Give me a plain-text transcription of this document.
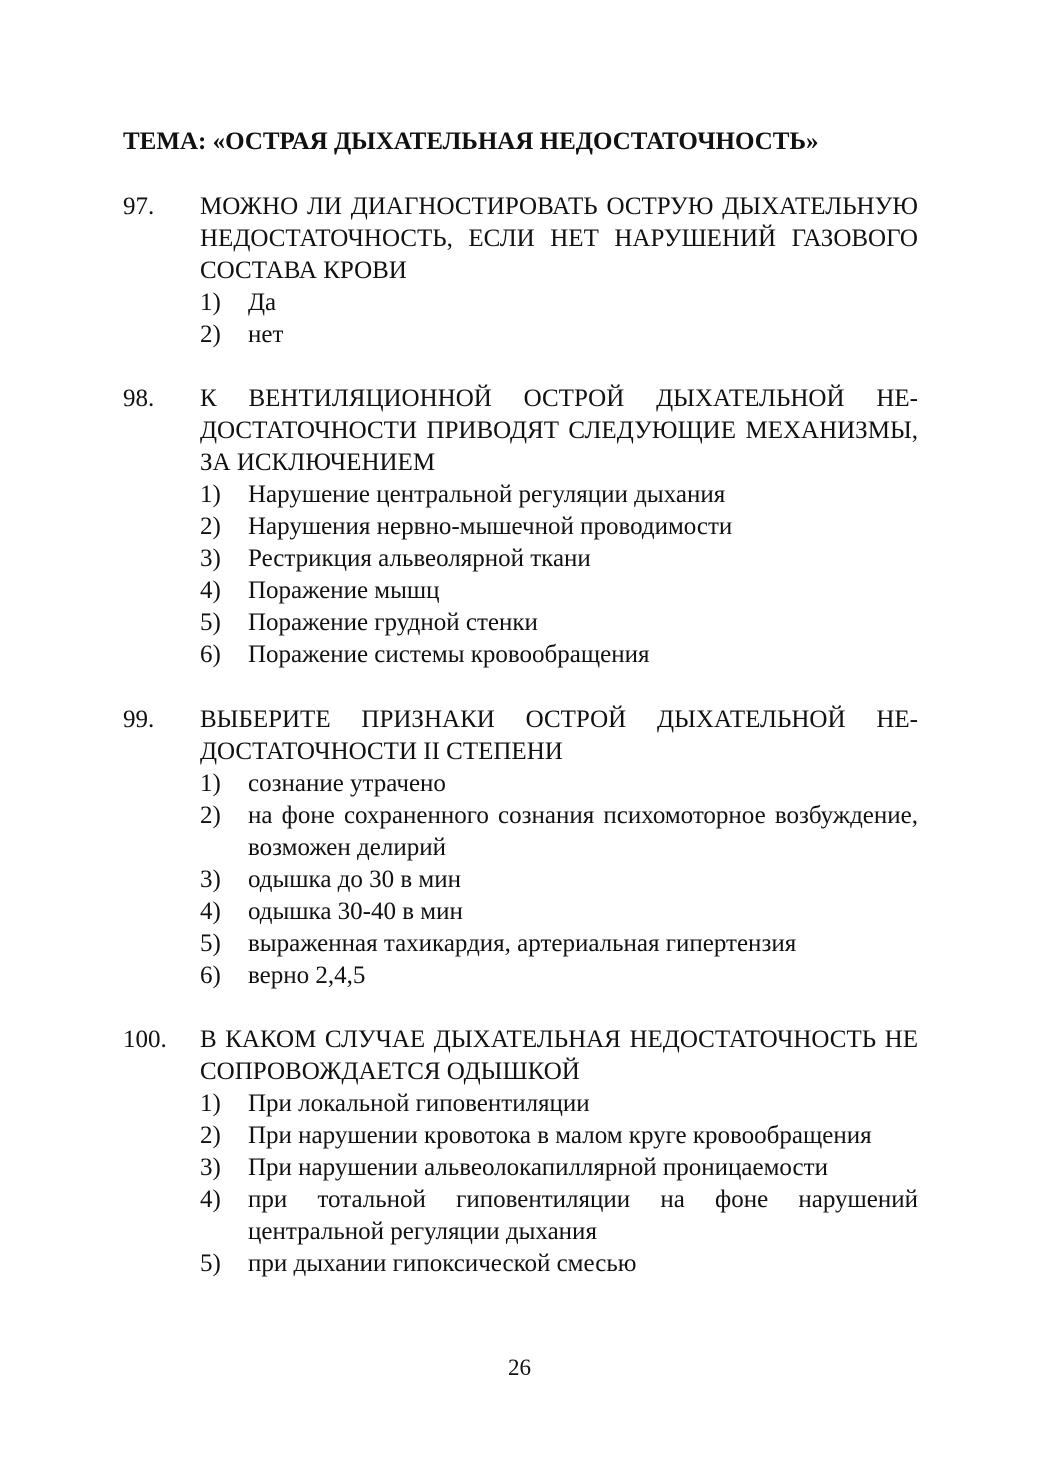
ТЕМА: «ОСТРАЯ ДЫХАТЕЛЬНАЯ НЕДОСТАТОЧНОСТЬ»
97. МОЖНО ЛИ ДИАГНОСТИРОВАТЬ ОСТРУЮ ДЫХАТЕЛЬНУЮ НЕДОСТАТОЧНОСТЬ, ЕСЛИ НЕТ НАРУШЕНИЙ ГАЗОВОГО СОСТАВА КРОВИ
1) Да
2) нет
98. К ВЕНТИЛЯЦИОННОЙ ОСТРОЙ ДЫХАТЕЛЬНОЙ НЕДОСТАТОЧНОСТИ ПРИВОДЯТ СЛЕДУЮЩИЕ МЕХАНИЗМЫ, ЗА ИСКЛЮЧЕНИЕМ
1) Нарушение центральной регуляции дыхания
2) Нарушения нервно-мышечной проводимости
3) Рестрикция альвеолярной ткани
4) Поражение мышц
5) Поражение грудной стенки
6) Поражение системы кровообращения
99. ВЫБЕРИТЕ ПРИЗНАКИ ОСТРОЙ ДЫХАТЕЛЬНОЙ НЕДОСТАТОЧНОСТИ II СТЕПЕНИ
1) сознание утрачено
2) на фоне сохраненного сознания психомоторное возбуждение, возможен делирий
3) одышка до 30 в мин
4) одышка 30-40 в мин
5) выраженная тахикардия, артериальная гипертензия
6) верно 2,4,5
100. В КАКОМ СЛУЧАЕ ДЫХАТЕЛЬНАЯ НЕДОСТАТОЧНОСТЬ НЕ СОПРОВОЖДАЕТСЯ ОДЫШКОЙ
1) При локальной гиповентиляции
2) При нарушении кровотока в малом круге кровообращения
3) При нарушении альвеолокапиллярной проницаемости
4) при тотальной гиповентиляции на фоне нарушений центральной регуляции дыхания
5) при дыхании гипоксической смесью
26
